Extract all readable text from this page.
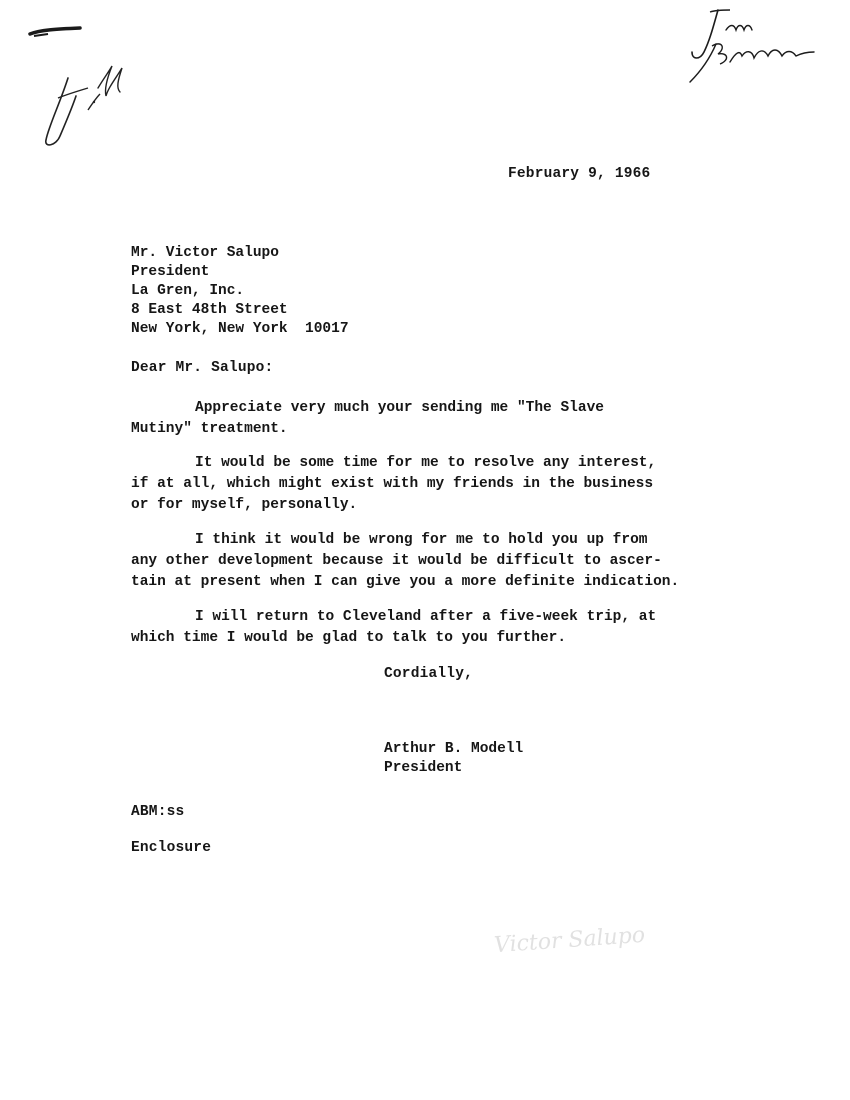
February 9, 1966
Mr. Victor Salupo
President
La Gren, Inc.
8 East 48th Street
New York, New York  10017
Dear Mr. Salupo:
Appreciate very much your sending me "The Slave
Mutiny" treatment.
It would be some time for me to resolve any interest,
if at all, which might exist with my friends in the business
or for myself, personally.
I think it would be wrong for me to hold you up from
any other development because it would be difficult to ascer-
tain at present when I can give you a more definite indication.
I will return to Cleveland after a five-week trip, at
which time I would be glad to talk to you further.
Cordially,
Arthur B. Modell
President
ABM:ss
Enclosure
Victor Salupo
